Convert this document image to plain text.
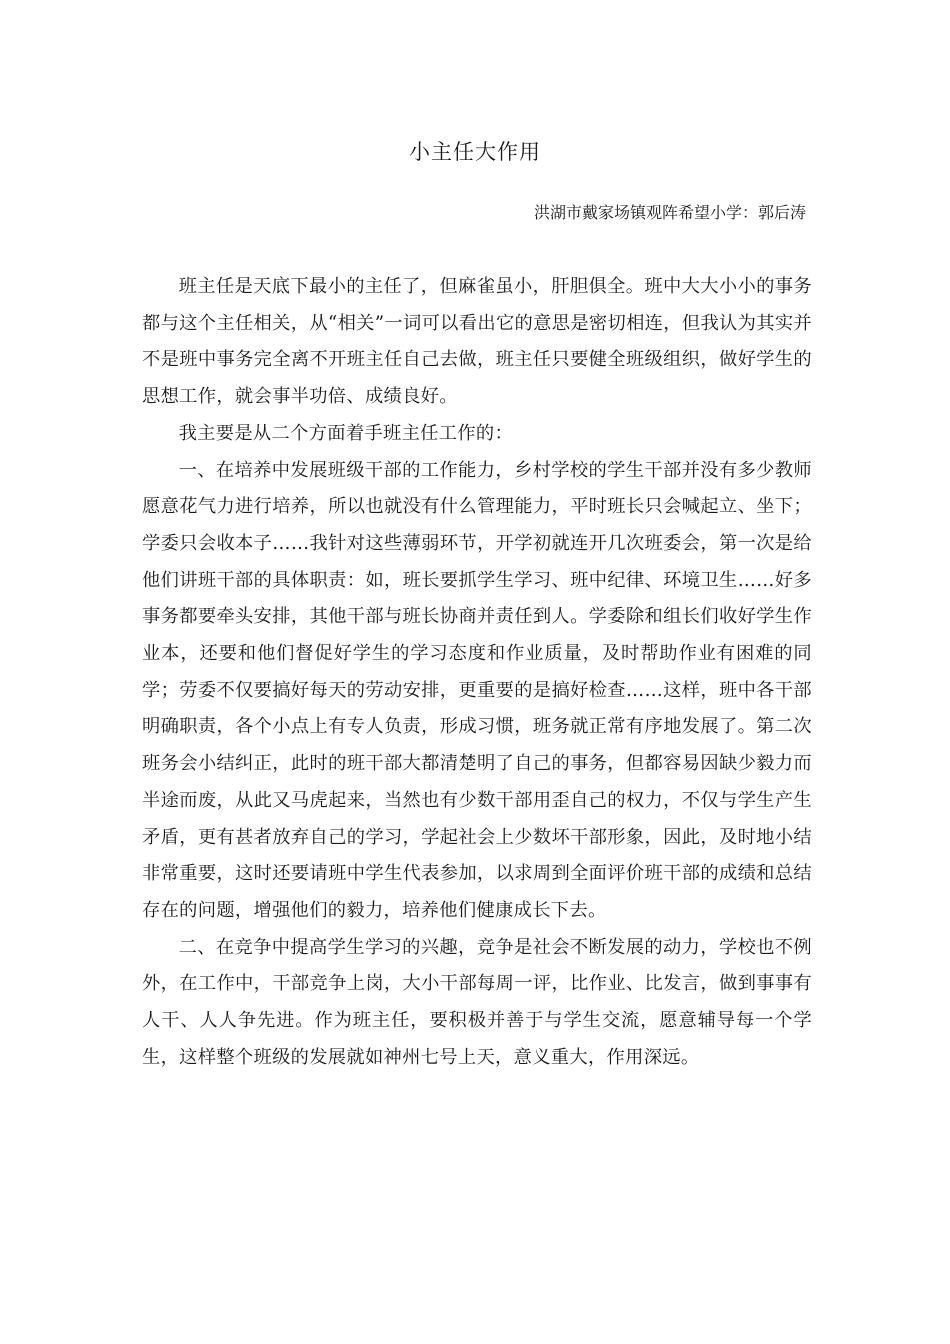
小主任大作用

洪湖市戴家场镇观阵希望小学：郭后涛

班主任是天底下最小的主任了，但麻雀虽小，肝胆俱全。班中大大小小的事务都与这个主任相关，从“相关”一词可以看出它的意思是密切相连，但我认为其实并不是班中事务完全离不开班主任自己去做，班主任只要健全班级组织，做好学生的思想工作，就会事半功倍、成绩良好。

我主要是从二个方面着手班主任工作的：

一、在培养中发展班级干部的工作能力，乡村学校的学生干部并没有多少教师愿意花气力进行培养，所以也就没有什么管理能力，平时班长只会喊起立、坐下；学委只会收本子……我针对这些薄弱环节，开学初就连开几次班委会，第一次是给他们讲班干部的具体职责：如，班长要抓学生学习、班中纪律、环境卫生……好多事务都要牵头安排，其他干部与班长协商并责任到人。学委除和组长们收好学生作业本，还要和他们督促好学生的学习态度和作业质量，及时帮助作业有困难的同学；劳委不仅要搞好每天的劳动安排，更重要的是搞好检查……这样，班中各干部明确职责，各个小点上有专人负责，形成习惯，班务就正常有序地发展了。第二次班务会小结纠正，此时的班干部大都清楚明了自己的事务，但都容易因缺少毅力而半途而废，从此又马虎起来，当然也有少数干部用歪自己的权力，不仅与学生产生矛盾，更有甚者放弃自己的学习，学起社会上少数坏干部形象，因此，及时地小结非常重要，这时还要请班中学生代表参加，以求周到全面评价班干部的成绩和总结存在的问题，增强他们的毅力，培养他们健康成长下去。

二、在竞争中提高学生学习的兴趣，竞争是社会不断发展的动力，学校也不例外，在工作中，干部竞争上岗，大小干部每周一评，比作业、比发言，做到事事有人干、人人争先进。作为班主任，要积极并善于与学生交流，愿意辅导每一个学生，这样整个班级的发展就如神州七号上天，意义重大，作用深远。
